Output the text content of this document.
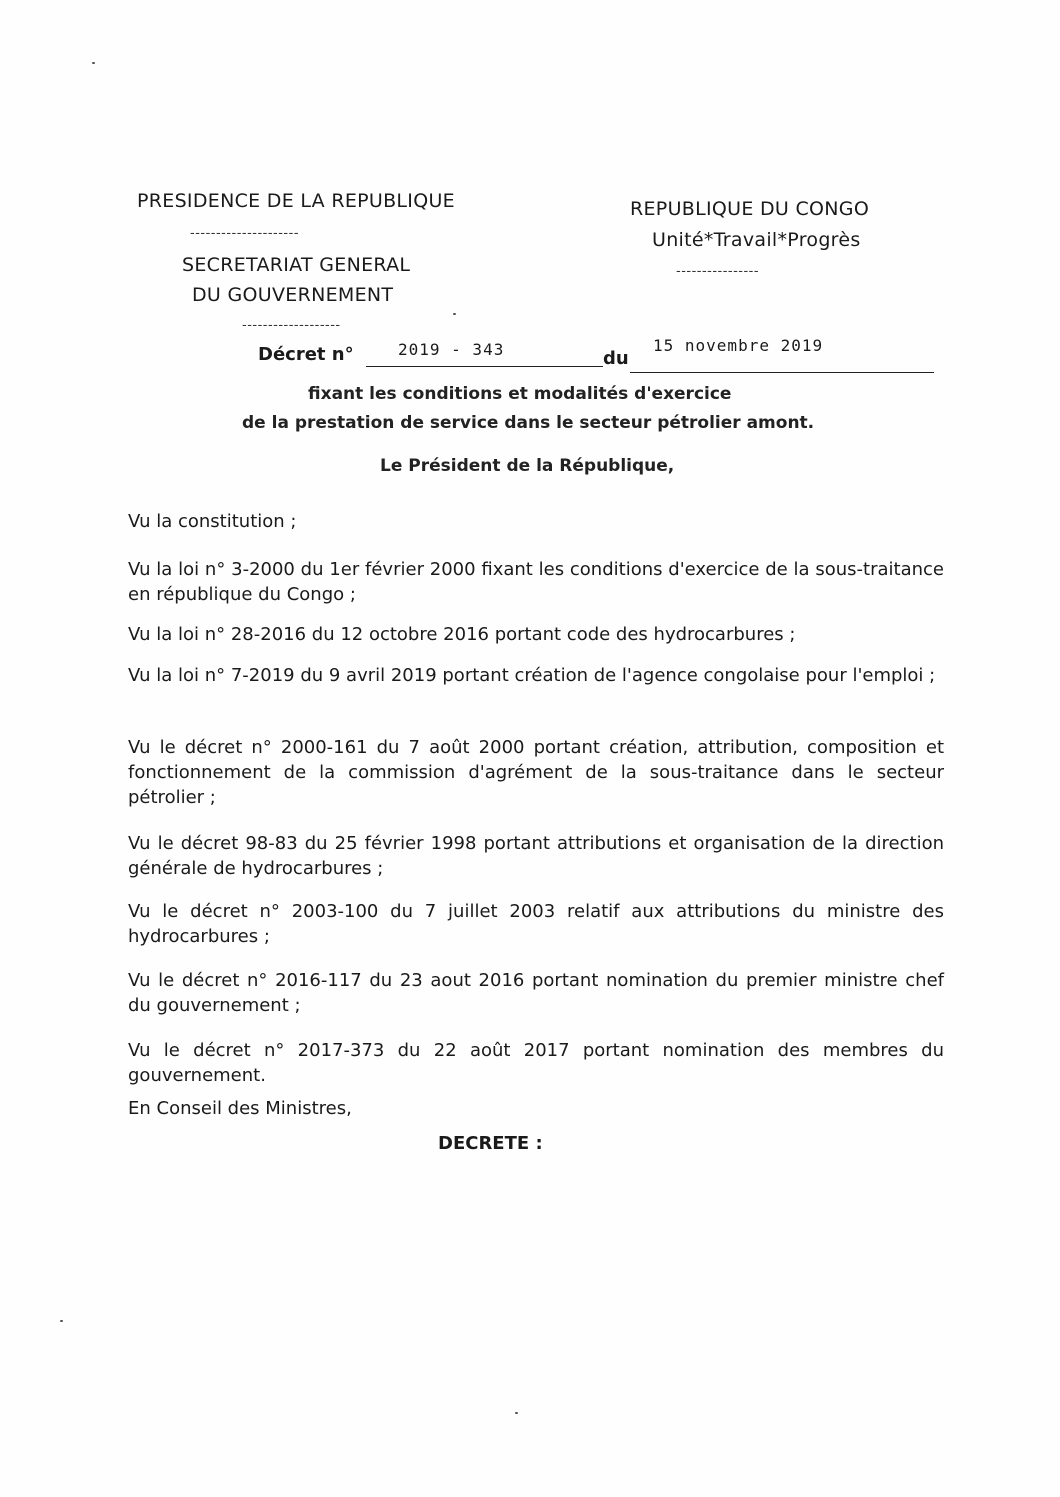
PRESIDENCE DE LA REPUBLIQUE
---------------------
SECRETARIAT GENERAL
DU GOUVERNEMENT
-------------------
REPUBLIQUE DU CONGO
Unité*Travail*Progrès
----------------
Décret n°	2019 - 343	du
15 novembre 2019
fixant les conditions et modalités d'exercice
de la prestation de service dans le secteur pétrolier amont.
Le Président de la République,
Vu la constitution ;
Vu la loi n° 3-2000 du 1er février 2000 fixant les conditions d'exercice de la sous-traitance en république du Congo ;
Vu la loi n° 28-2016 du 12 octobre 2016 portant code des hydrocarbures ;
Vu la loi n° 7-2019 du 9 avril 2019 portant création de l'agence congolaise pour l'emploi ;
Vu le décret n° 2000-161 du 7 août 2000 portant création, attribution, composition et fonctionnement de la commission d'agrément de la sous-traitance dans le secteur pétrolier ;
Vu le décret 98-83 du 25 février 1998 portant attributions et organisation de la direction générale de hydrocarbures ;
Vu le décret n° 2003-100 du 7 juillet 2003 relatif aux attributions du ministre des hydrocarbures ;
Vu le décret n° 2016-117 du 23 aout 2016 portant nomination du premier ministre chef du gouvernement ;
Vu le décret n° 2017-373 du 22 août 2017 portant nomination des membres du gouvernement.
En Conseil des Ministres,
DECRETE :
